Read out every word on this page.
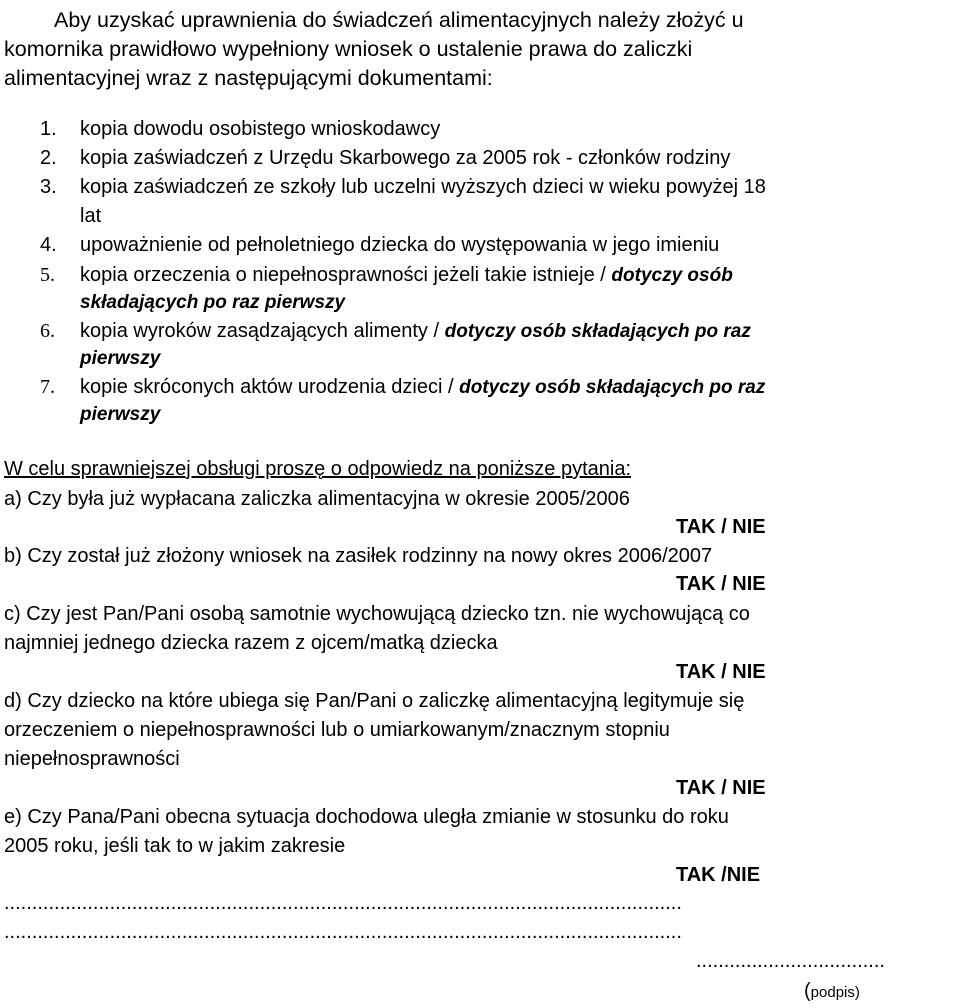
Aby uzyskać uprawnienia do świadczeń alimentacyjnych należy złożyć u
komornika prawidłowo wypełniony wniosek o ustalenie prawa do zaliczki
alimentacyjnej wraz z następującymi dokumentami:
1. kopia dowodu osobistego wnioskodawcy
2. kopia zaświadczeń z Urzędu Skarbowego za 2005 rok - członków rodziny
3. kopia zaświadczeń ze szkoły lub uczelni wyższych dzieci w wieku powyżej 18
lat
4. upoważnienie od pełnoletniego dziecka do występowania w jego imieniu
5. kopia orzeczenia o niepełnosprawności jeżeli takie istnieje / dotyczy osób
składających po raz pierwszy
6. kopia wyroków zasądzających alimenty / dotyczy osób składających po raz
pierwszy
7. kopie skróconych aktów urodzenia dzieci / dotyczy osób składających po raz
pierwszy
W celu sprawniejszej obsługi proszę o odpowiedz na poniższe pytania:
a) Czy była już wypłacana zaliczka alimentacyjna w okresie 2005/2006
TAK / NIE
b) Czy został już złożony wniosek na zasiłek rodzinny na nowy okres 2006/2007
TAK / NIE
c) Czy jest Pan/Pani osobą samotnie wychowującą dziecko tzn. nie wychowującą co
najmniej jednego dziecka razem z ojcem/matką dziecka
TAK / NIE
d) Czy dziecko na które ubiega się Pan/Pani o zaliczkę alimentacyjną legitymuje się
orzeczeniem o niepełnosprawności lub o umiarkowanym/znacznym stopniu
niepełnosprawności
TAK / NIE
e) Czy Pana/Pani obecna sytuacja dochodowa uległa zmianie w stosunku do roku
2005 roku, jeśli tak to w jakim zakresie
TAK /NIE
..........................................................................................................................
..........................................................................................................................
..................................
(podpis)
